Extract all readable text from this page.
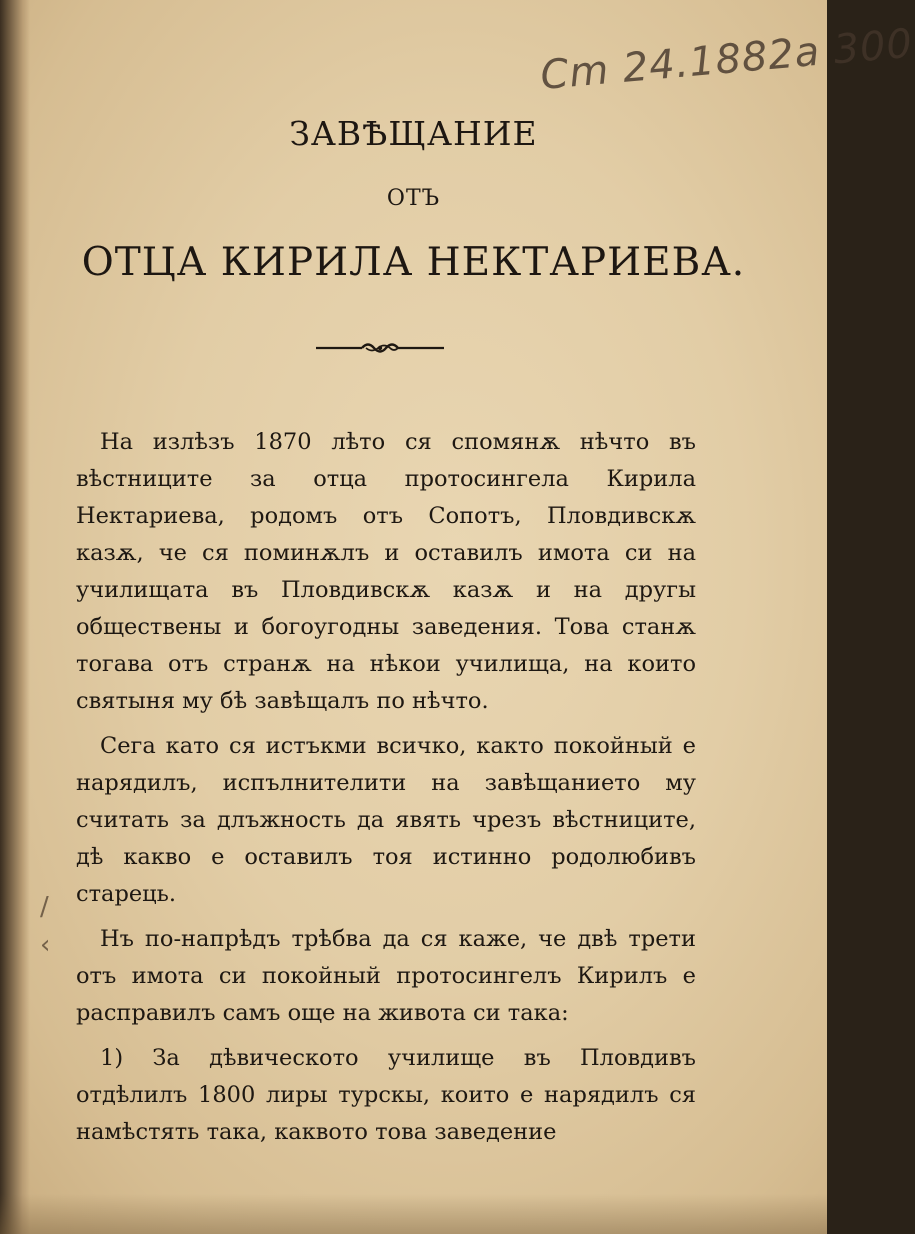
Cm 24.1882a 300
ЗАВѢЩАНИЕ
ОТЪ
ОТЦА КИРИЛА НЕКТАРИЕВА.

На излѣзъ 1870 лѣто ся спомянѫ нѣчто въ вѣстниците за отца протосингела Кирила Нектариева, родомъ отъ Сопотъ, Пловдивскѫ казѫ, че ся поминѫлъ и оставилъ имота си на училищата въ Пловдивскѫ казѫ и на другы обществены и богоугодны заведения. Това станѫ тогава отъ странѫ на нѣкои училища, на които святыня му бѣ завѣщалъ по нѣчто.

Сега като ся истъкми всичко, както покойный е нарядилъ, испълнителити на завѣщанието му считать за длъжность да явять чрезъ вѣстниците, дѣ какво е оставилъ тоя истинно родолюбивъ старець.

Нъ по-напрѣдъ трѣбва да ся каже, че двѣ трети отъ имота си покойный протосингелъ Кирилъ е расправилъ самъ още на живота си така:

1) За дѣвическото училище въ Пловдивъ отдѣлилъ 1800 лиры турскы, които е нарядилъ ся намѣстять така, каквото това заведение

/
‹
